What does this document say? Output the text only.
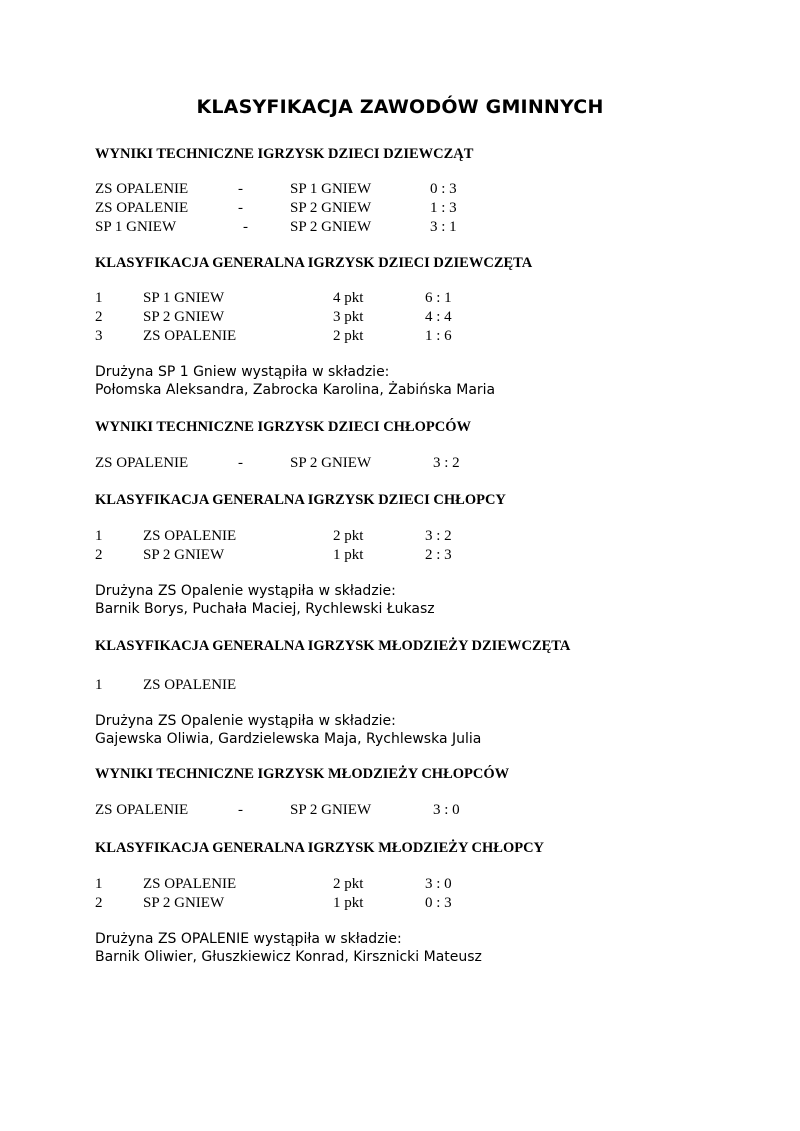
KLASYFIKACJA ZAWODÓW GMINNYCH
WYNIKI TECHNICZNE IGRZYSK DZIECI DZIEWCZĄT
ZS OPALENIE	-	SP 1 GNIEW	0 : 3
ZS OPALENIE	-	SP 2 GNIEW	1 : 3
SP 1 GNIEW	-	SP 2 GNIEW	3 : 1
KLASYFIKACJA GENERALNA IGRZYSK DZIECI DZIEWCZĘTA
1	SP 1 GNIEW	4 pkt	6 : 1
2	SP 2 GNIEW	3 pkt	4 : 4
3	ZS OPALENIE	2 pkt	1 : 6
Drużyna SP 1 Gniew wystąpiła w składzie:
Połomska Aleksandra, Zabrocka Karolina, Żabińska Maria
WYNIKI TECHNICZNE IGRZYSK DZIECI CHŁOPCÓW
ZS OPALENIE	-	SP 2 GNIEW	3 : 2
KLASYFIKACJA GENERALNA IGRZYSK DZIECI CHŁOPCY
1	ZS OPALENIE	2 pkt	3 : 2
2	SP 2 GNIEW	1 pkt	2 : 3
Drużyna ZS Opalenie wystąpiła w składzie:
Barnik Borys, Puchała Maciej, Rychlewski Łukasz
KLASYFIKACJA GENERALNA IGRZYSK MŁODZIEŻY DZIEWCZĘTA
1	ZS OPALENIE
Drużyna ZS Opalenie wystąpiła w składzie:
Gajewska Oliwia, Gardzielewska Maja, Rychlewska Julia
WYNIKI TECHNICZNE IGRZYSK MŁODZIEŻY CHŁOPCÓW
ZS OPALENIE	-	SP 2 GNIEW	3 : 0
KLASYFIKACJA GENERALNA IGRZYSK MŁODZIEŻY CHŁOPCY
1	ZS OPALENIE	2 pkt	3 : 0
2	SP 2 GNIEW	1 pkt	0 : 3
Drużyna ZS OPALENIE wystąpiła w składzie:
Barnik Oliwier, Głuszkiewicz Konrad, Kirsznicki Mateusz
